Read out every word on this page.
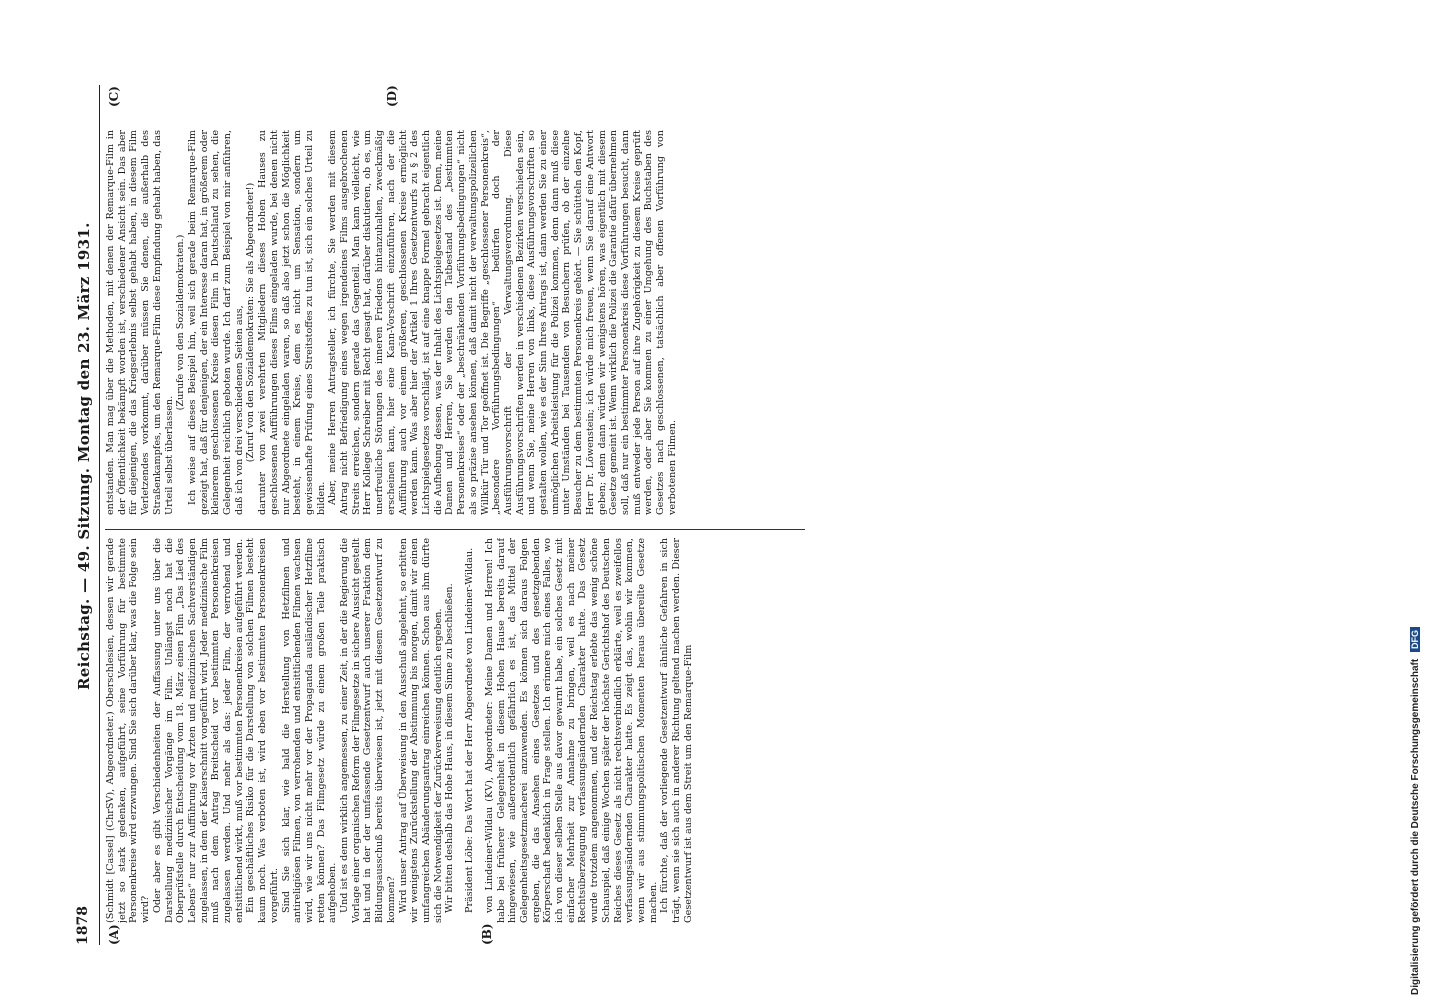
1878
Reichstag. — 49. Sitzung. Montag den 23. März 1931.
(A)	(B)
(C)	(D)

(Schmidt [Cassel] (ChrSV), Abgeordneter.) Oberschlesien, dessen wir gerade jetzt so stark gedenken, aufgeführt, seine Vorführung für bestimmte Personenkreise wird erzwungen. Sind Sie sich darüber klar, was die Folge sein wird? Oder aber es gibt Verschiedenheiten der Auffassung unter uns über die Darstellung medizinischer Vorgänge im Film. Unlängst noch hat die Oberprüfstelle durch Entscheidung vom 18. März einen Film „Das Lied des Lebens“ nur zur Aufführung vor Ärzten und medizinischen Sachverständigen zugelassen, in dem der Kaiserschnitt vorgeführt wird. Jeder medizinische Film muß nach dem Antrag Breitscheid vor bestimmten Personenkreisen zugelassen werden. Und mehr als das: jeder Film, der verrohend und entsittlichend wirkt, muß vor bestimmten Personenkreisen aufgeführt werden. Ein geschäftliches Risiko für die Darstellung von solchen Filmen besteht kaum noch. Was verboten ist, wird eben vor bestimmten Personenkreisen vorgeführt. Sind Sie sich klar, wie bald die Herstellung von Hetzfilmen und antireligiösen Filmen, von verrohenden und entsittlichenden Filmen wachsen wird, wie wir uns nicht mehr vor der Propaganda ausländischer Hetzfilme retten können? Das Filmgesetz würde zu einem großen Teile praktisch aufgehoben. Und ist es denn wirklich angemessen, zu einer Zeit, in der die Regierung die Vorlage einer organischen Reform der Filmgesetze in sichere Aussicht gestellt hat und in der der umfassende Gesetzentwurf auch unserer Fraktion dem Bildungsausschuß bereits überwiesen ist, jetzt mit diesem Gesetzentwurf zu kommen? Wird unser Antrag auf Überweisung in den Ausschuß abgelehnt, so erbitten wir wenigstens Zurückstellung der Abstimmung bis morgen, damit wir einen umfangreichen Abänderungsantrag einreichen können. Schon aus ihm dürfte sich die Notwendigkeit der Zurückverweisung deutlich ergeben. Wir bitten deshalb das Hohe Haus, in diesem Sinne zu beschließen. Präsident Löbe: Das Wort hat der Herr Abgeordnete von Lindeiner-Wildau. von Lindeiner-Wildau (KV), Abgeordneter: Meine Damen und Herren! Ich habe bei früherer Gelegenheit in diesem Hohen Hause bereits darauf hingewiesen, wie außerordentlich gefährlich es ist, das Mittel der Gelegenheitsgesetzmacherei anzuwenden. Es können sich daraus Folgen ergeben, die das Ansehen eines Gesetzes und des gesetzgebenden Körperschaft bedenklich in Frage stellen. Ich erinnere mich eines Falles, wo ich von dieser selben Stelle aus davor gewarnt habe, ein solches Gesetz mit einfacher Mehrheit zur Annahme zu bringen, weil es nach meiner Rechtsüberzeugung verfassungsändernden Charakter hatte. Das Gesetz wurde trotzdem angenommen, und der Reichstag erlebte das wenig schöne Schauspiel, daß einige Wochen später der höchste Gerichtshof des Deutschen Reiches dieses Gesetz als nicht rechtsverbindlich erklärte, weil es zweifellos verfassungsändernden Charakter hatte. Es zeigt das, wohin wir kommen, wenn wir aus stimmungspolitischen Momenten heraus übereilte Gesetze machen. Ich fürchte, daß der vorliegende Gesetzentwurf ähnliche Gefahren in sich trägt, wenn sie sich auch in anderer Richtung geltend machen werden. Dieser Gesetzentwurf ist aus dem Streit um den Remarque-Film

entstanden. Man mag über die Methoden, mit denen der Remarque-Film in der Öffentlichkeit bekämpft worden ist, verschiedener Ansicht sein. Das aber für diejenigen, die das Kriegserlebnis selbst gehabt haben, in diesem Film Verletzendes vorkommt, darüber müssen Sie denen, die außerhalb des Straßenkampfes, um den Remarque-Film diese Empfindung gehabt haben, das Urteil selbst überlassen.

(Zurufe von den Sozialdemokraten.) Ich weise auf dieses Beispiel hin, weil sich gerade beim Remarque-Film gezeigt hat, daß für denjenigen, der ein Interesse daran hat, in größerem oder kleinerem geschlossenen Kreise diesen Film in Deutschland zu sehen, die Gelegenheit reichlich geboten wurde. Ich darf zum Beispiel von mir anführen, daß ich von drei verschiedenen Seiten aus, (Zuruf von den Sozialdemokraten: Sie als Abgeordneter!) darunter von zwei verehrten Mitgliedern dieses Hohen Hauses zu geschlossenen Aufführungen dieses Films eingeladen wurde, bei denen nicht nur Abgeordnete eingeladen waren, so daß also jetzt schon die Möglichkeit besteht, in einem Kreise, dem es nicht um Sensation, sondern um gewissenhafte Prüfung eines Streitstoffes zu tun ist, sich ein solches Urteil zu bilden. Aber, meine Herren Antragsteller, ich fürchte, Sie werden mit diesem Antrag nicht Befriedigung eines wegen irgendeines Films ausgebrochenen Streits erreichen, sondern gerade das Gegenteil. Man kann vielleicht, wie Herr Kollege Schreiber mit Recht gesagt hat, darüber diskutieren, ob es, um unerfreuliche Störungen des inneren Friedens hintanzuhalten, zweckmäßig erscheinen kann, hier eine Kann-Vorschrift einzuführen, nach der die Aufführung auch vor einem größeren, geschlossenen Kreise ermöglicht werden kann. Was aber hier der Artikel 1 Ihres Gesetzentwurfs zu § 2 des Lichtspielgesetzes vorschlägt, ist auf eine knappe Formel gebracht eigentlich die Aufhebung dessen, was der Inhalt des Lichtspielgesetzes ist. Denn, meine Damen und Herren, Sie werden den Tatbestand des „bestimmten Personenkreises“ oder der „beschränkenden Vorführungsbedingungen“ nicht als so präzise ansehen können, daß damit nicht der verwaltungspolizeilichen Willkür Tür und Tor geöffnet ist. Die Begriffe „geschlossener Personenkreis“, „besondere Vorführungsbedingungen“ bedürfen doch der Ausführungsvorschrift der Verwaltungsverordnung. Diese Ausführungsvorschriften werden in verschiedenen Bezirken verschieden sein, und wenn Sie, meine Herren von links, diese Ausführungsvorschriften so gestalten wollen, wie es der Sinn Ihres Antrags ist, dann werden Sie zu einer unmöglichen Arbeitsleistung für die Polizei kommen, denn dann muß diese unter Umständen bei Tausenden von Besuchern prüfen, ob der einzelne Besucher zu dem bestimmten Personenkreis gehört. — Sie schütteln den Kopf, Herr Dr. Löwenstein; ich würde mich freuen, wenn Sie darauf eine Antwort geben; denn dann würden wir wenigstens hören, was eigentlich mit diesem Gesetze gemeint ist. Wenn wirklich die Polizei die Garantie dafür übernehmen soll, daß nur ein bestimmter Personenkreis diese Vorführungen besucht, dann muß entweder jede Person auf ihre Zugehörigkeit zu diesem Kreise geprüft werden, oder aber Sie kommen zu einer Umgehung des Buchstaben des Gesetzes nach geschlossenen, tatsächlich aber offenen Vorführung von verbotenen Filmen.

Digitalisierung gefördert durch die Deutsche Forschungsgemeinschaft DFG
